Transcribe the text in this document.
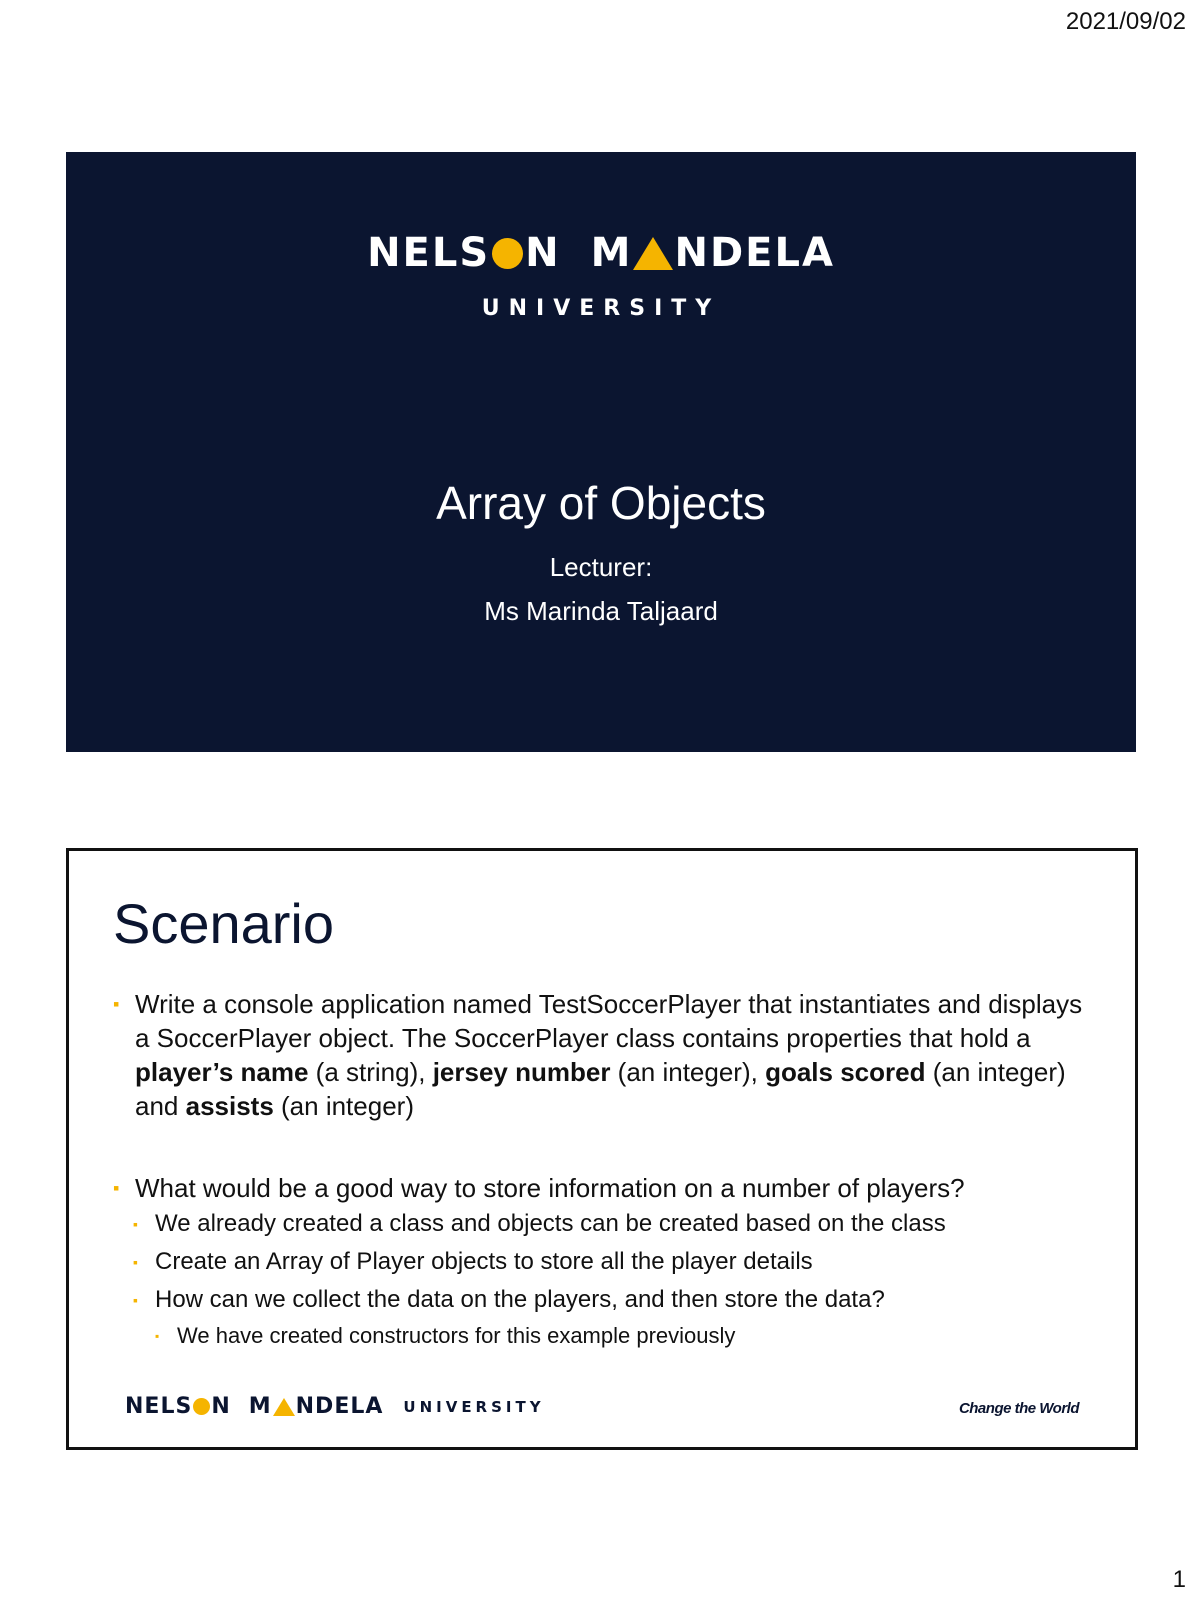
2021/09/02
NELS N M NDELA
UNIVERSITY
Array of Objects
Lecturer:
Ms Marinda Taljaard
Scenario
▪ Write a console application named TestSoccerPlayer that instantiates and displays a SoccerPlayer object. The SoccerPlayer class contains properties that hold a player’s name (a string), jersey number (an integer), goals scored (an integer) and assists (an integer)
▪ What would be a good way to store information on a number of players?
▪ We already created a class and objects can be created based on the class
▪ Create an Array of Player objects to store all the player details
▪ How can we collect the data on the players, and then store the data?
▪ We have created constructors for this example previously
NELS N M NDELA UNIVERSITY	Change the World
1
